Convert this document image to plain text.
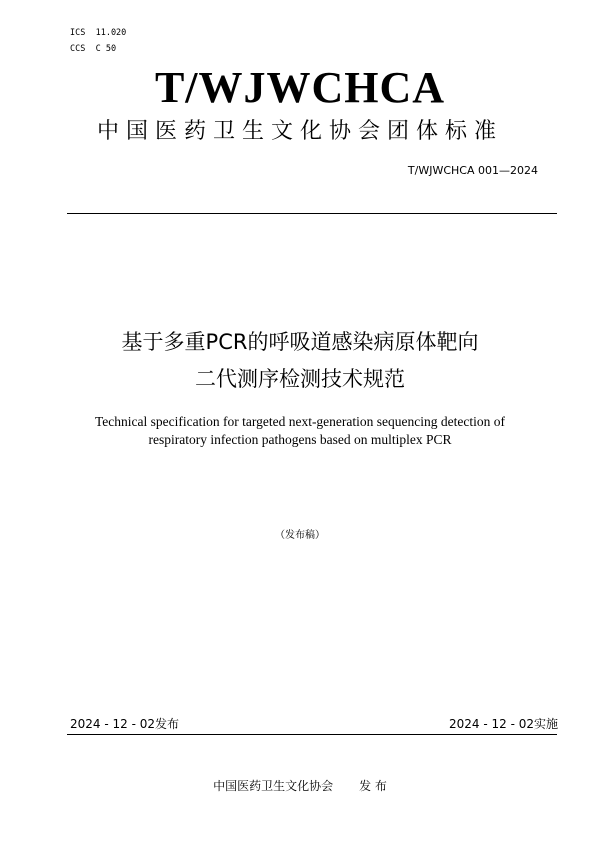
ICS  11.020
CCS  C 50
T/WJWCHCA
中国医药卫生文化协会团体标准
T/WJWCHCA 001—2024
基于多重PCR的呼吸道感染病原体靶向
二代测序检测技术规范
Technical specification for targeted next-generation sequencing detection of
respiratory infection pathogens based on multiplex PCR
（发布稿）
2024 - 12 - 02发布	2024 - 12 - 02实施
中国医药卫生文化协会 发 布
